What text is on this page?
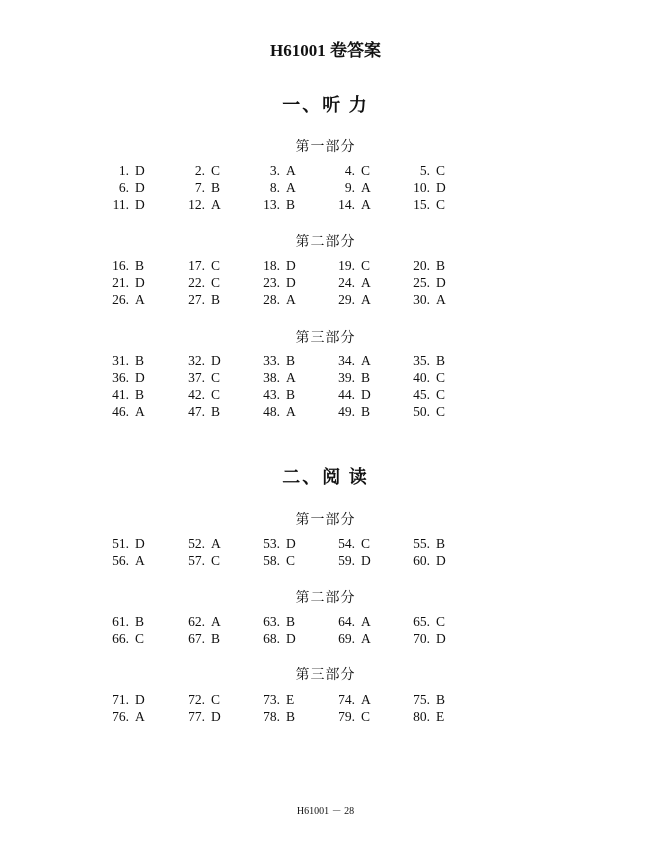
H61001 卷答案
一、听 力
第一部分
1. D	2. C	3. A	4. C	5. C
6. D	7. B	8. A	9. A	10. D
11. D	12. A	13. B	14. A	15. C
第二部分
16. B	17. C	18. D	19. C	20. B
21. D	22. C	23. D	24. A	25. D
26. A	27. B	28. A	29. A	30. A
第三部分
31. B	32. D	33. B	34. A	35. B
36. D	37. C	38. A	39. B	40. C
41. B	42. C	43. B	44. D	45. C
46. A	47. B	48. A	49. B	50. C
二、阅 读
第一部分
51. D	52. A	53. D	54. C	55. B
56. A	57. C	58. C	59. D	60. D
第二部分
61. B	62. A	63. B	64. A	65. C
66. C	67. B	68. D	69. A	70. D
第三部分
71. D	72. C	73. E	74. A	75. B
76. A	77. D	78. B	79. C	80. E
H61001 － 28
